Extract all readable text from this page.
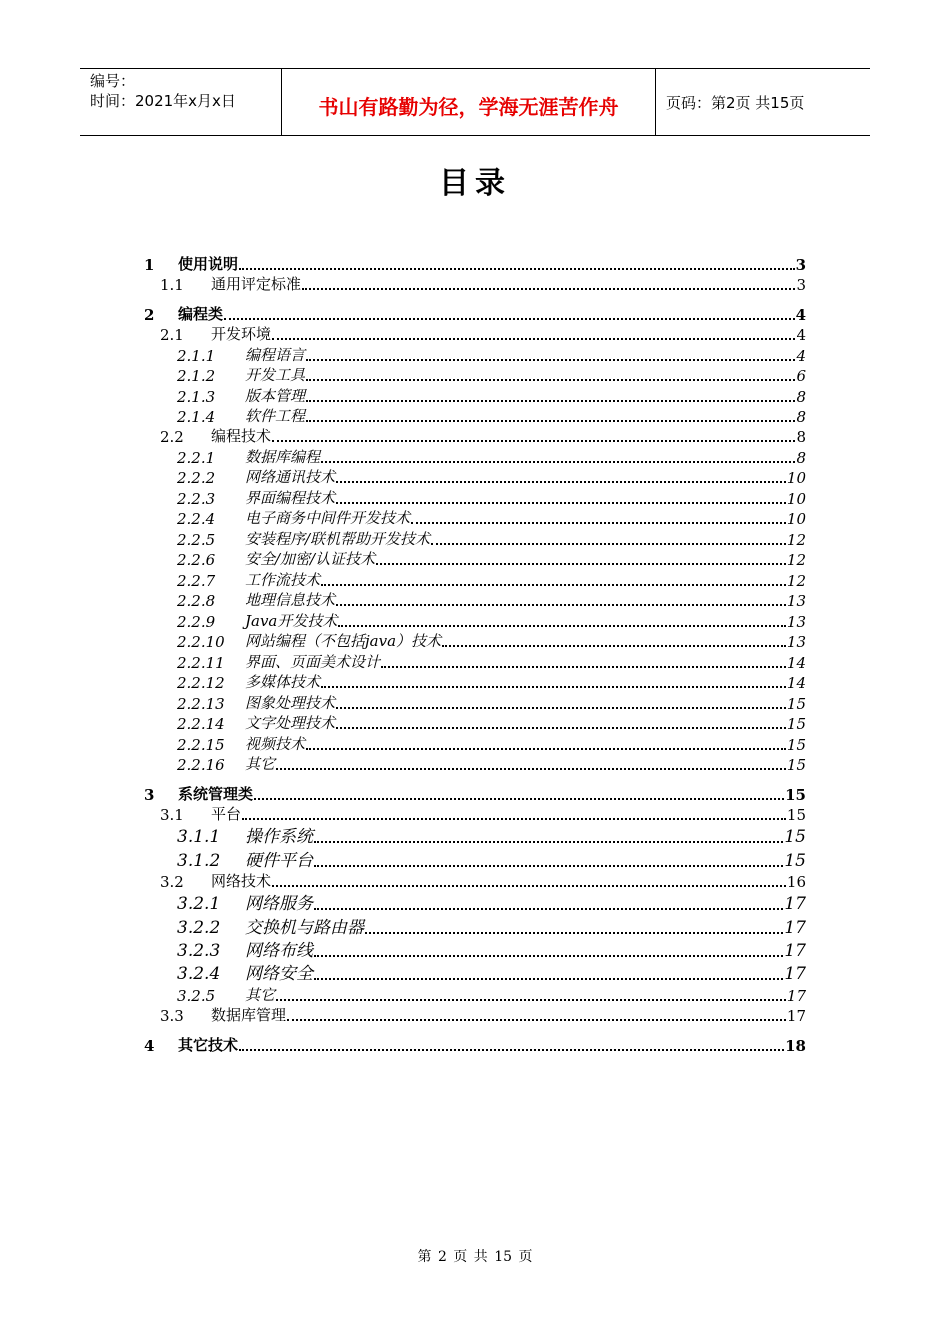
编号：
时间：2021年x月x日	书山有路勤为径，学海无涯苦作舟	页码：第2页 共15页
目录
1	使用说明	3
1.1	通用评定标准	3
2	编程类	4
2.1	开发环境	4
2.1.1	编程语言	4
2.1.2	开发工具	6
2.1.3	版本管理	8
2.1.4	软件工程	8
2.2	编程技术	8
2.2.1	数据库编程	8
2.2.2	网络通讯技术	10
2.2.3	界面编程技术	10
2.2.4	电子商务中间件开发技术	10
2.2.5	安装程序/联机帮助开发技术	12
2.2.6	安全/加密/认证技术	12
2.2.7	工作流技术	12
2.2.8	地理信息技术	13
2.2.9	Java开发技术	13
2.2.10	网站编程（不包括java）技术	13
2.2.11	界面、页面美术设计	14
2.2.12	多媒体技术	14
2.2.13	图象处理技术	15
2.2.14	文字处理技术	15
2.2.15	视频技术	15
2.2.16	其它	15
3	系统管理类	15
3.1	平台	15
3.1.1	操作系统	15
3.1.2	硬件平台	15
3.2	网络技术	16
3.2.1	网络服务	17
3.2.2	交换机与路由器	17
3.2.3	网络布线	17
3.2.4	网络安全	17
3.2.5	其它	17
3.3	数据库管理	17
4	其它技术	18
第 2 页 共 15 页
